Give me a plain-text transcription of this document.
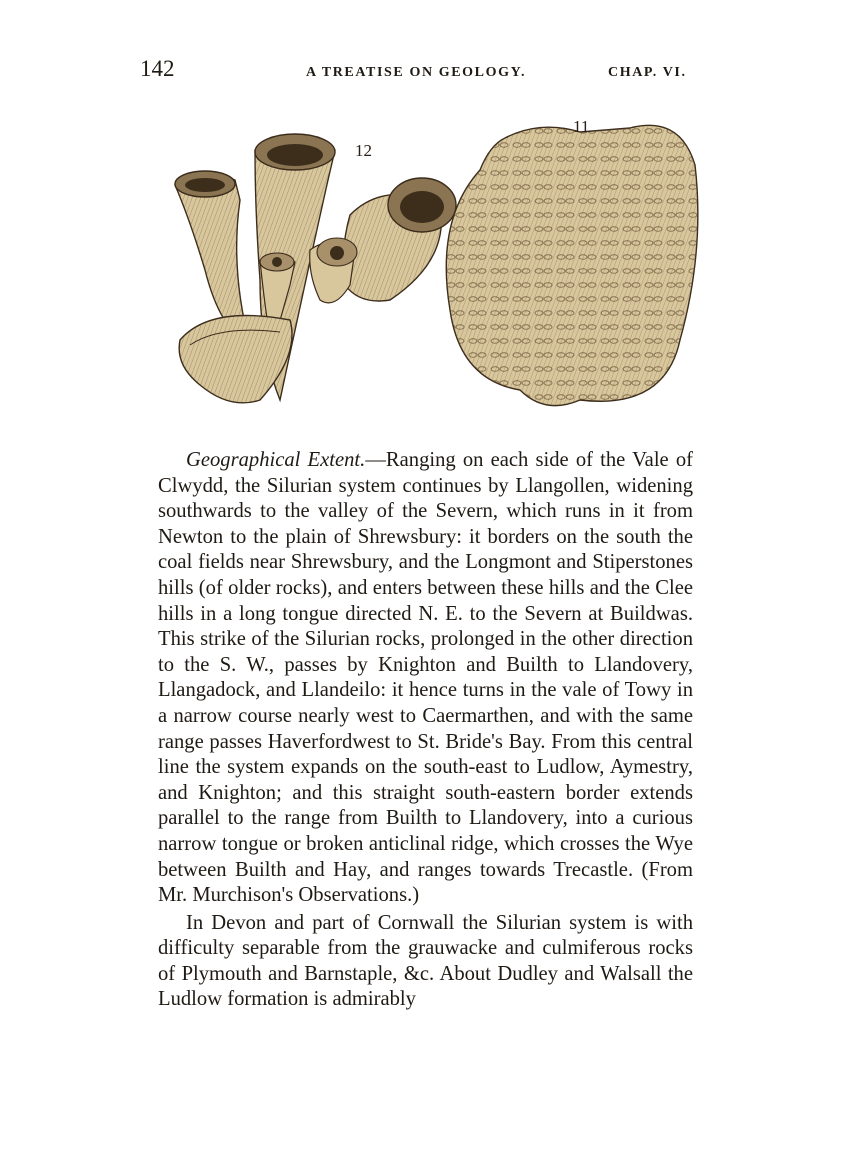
142	A TREATISE ON GEOLOGY.	CHAP. VI.
12
11

Geographical Extent.—Ranging on each side of the Vale of Clwydd, the Silurian system continues by Llangollen, widening southwards to the valley of the Severn, which runs in it from Newton to the plain of Shrewsbury: it borders on the south the coal fields near Shrewsbury, and the Longmont and Stiperstones hills (of older rocks), and enters between these hills and the Clee hills in a long tongue directed N. E. to the Severn at Buildwas. This strike of the Silurian rocks, prolonged in the other direction to the S. W., passes by Knighton and Builth to Llandovery, Llangadock, and Llandeilo: it hence turns in the vale of Towy in a narrow course nearly west to Caermarthen, and with the same range passes Haverfordwest to St. Bride's Bay. From this central line the system expands on the south-east to Ludlow, Aymestry, and Knighton; and this straight south-eastern border extends parallel to the range from Builth to Llandovery, into a curious narrow tongue or broken anticlinal ridge, which crosses the Wye between Builth and Hay, and ranges towards Trecastle. (From Mr. Murchison's Observations.)

In Devon and part of Cornwall the Silurian system is with difficulty separable from the grauwacke and culmiferous rocks of Plymouth and Barnstaple, &c. About Dudley and Walsall the Ludlow formation is admirably
